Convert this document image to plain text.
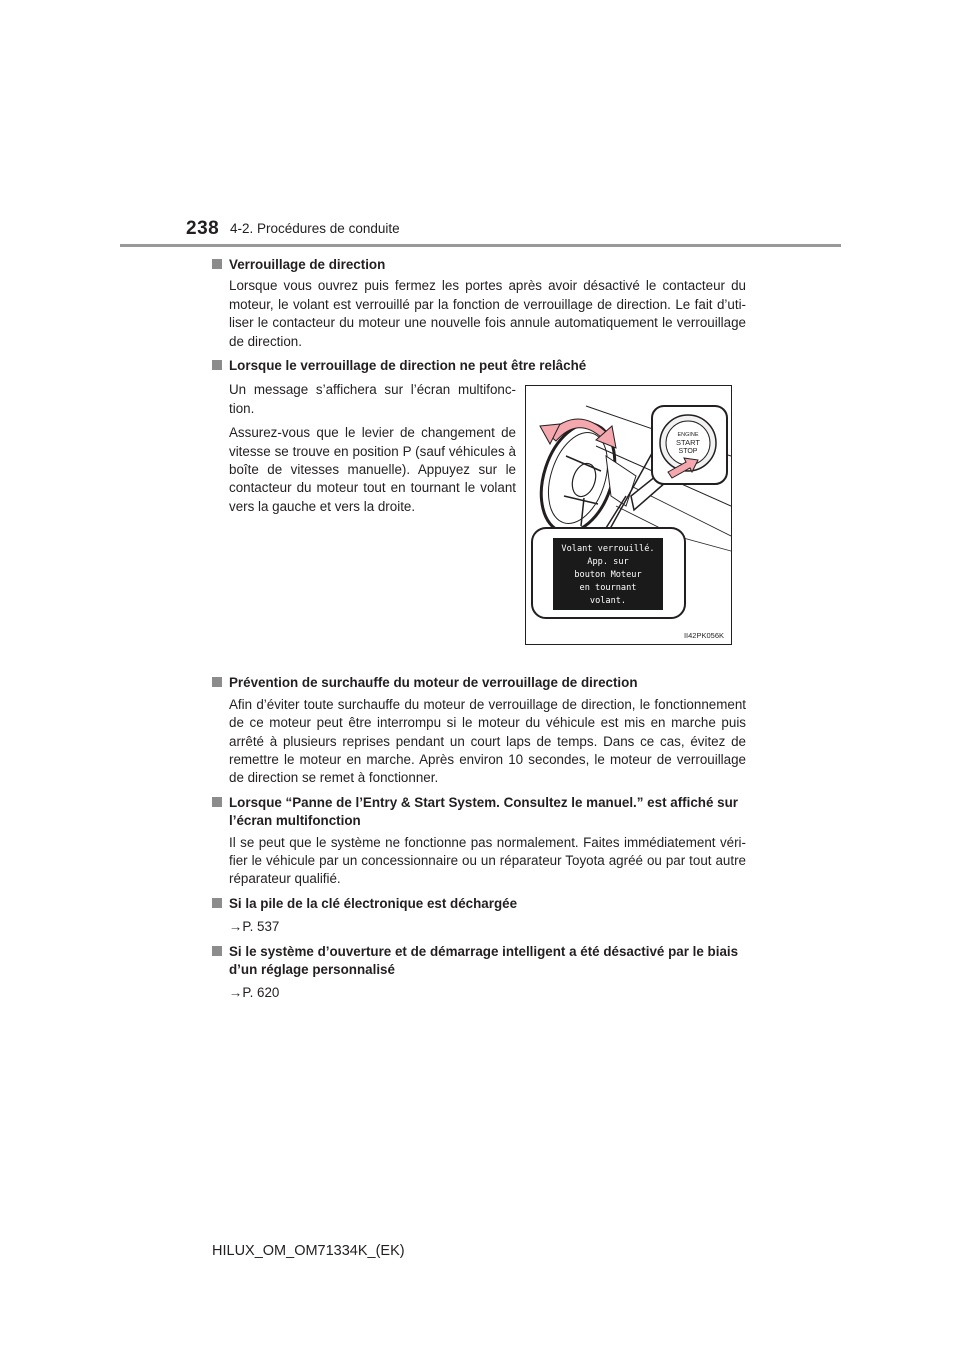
238 4-2. Procédures de conduite
Verrouillage de direction

Lorsque vous ouvrez puis fermez les portes après avoir désactivé le contacteur du moteur, le volant est verrouillé par la fonction de verrouillage de direction. Le fait d’uti-liser le contacteur du moteur une nouvelle fois annule automatiquement le verrouillage de direction.

Lorsque le verrouillage de direction ne peut être relâché

Un message s’affichera sur l’écran multifonc-tion.

Assurez-vous que le levier de changement de vitesse se trouve en position P (sauf véhicules à boîte de vitesses manuelle). Appuyez sur le contacteur du moteur tout en tournant le volant vers la gauche et vers la droite.

ENGINE
START
STOP
Volant verrouillé.
App. sur
bouton Moteur
en tournant
volant.
II42PK056K
Prévention de surchauffe du moteur de verrouillage de direction

Afin d’éviter toute surchauffe du moteur de verrouillage de direction, le fonctionnement de ce moteur peut être interrompu si le moteur du véhicule est mis en marche puis arrêté à plusieurs reprises pendant un court laps de temps. Dans ce cas, évitez de remettre le moteur en marche. Après environ 10 secondes, le moteur de verrouillage de direction se remet à fonctionner.

Lorsque “Panne de l’Entry & Start System. Consultez le manuel.” est affiché sur l’écran multifonction

Il se peut que le système ne fonctionne pas normalement. Faites immédiatement véri-fier le véhicule par un concessionnaire ou un réparateur Toyota agréé ou par tout autre réparateur qualifié.

Si la pile de la clé électronique est déchargée
→P. 537
Si le système d’ouverture et de démarrage intelligent a été désactivé par le biais d’un réglage personnalisé
→P. 620
HILUX_OM_OM71334K_(EK)
